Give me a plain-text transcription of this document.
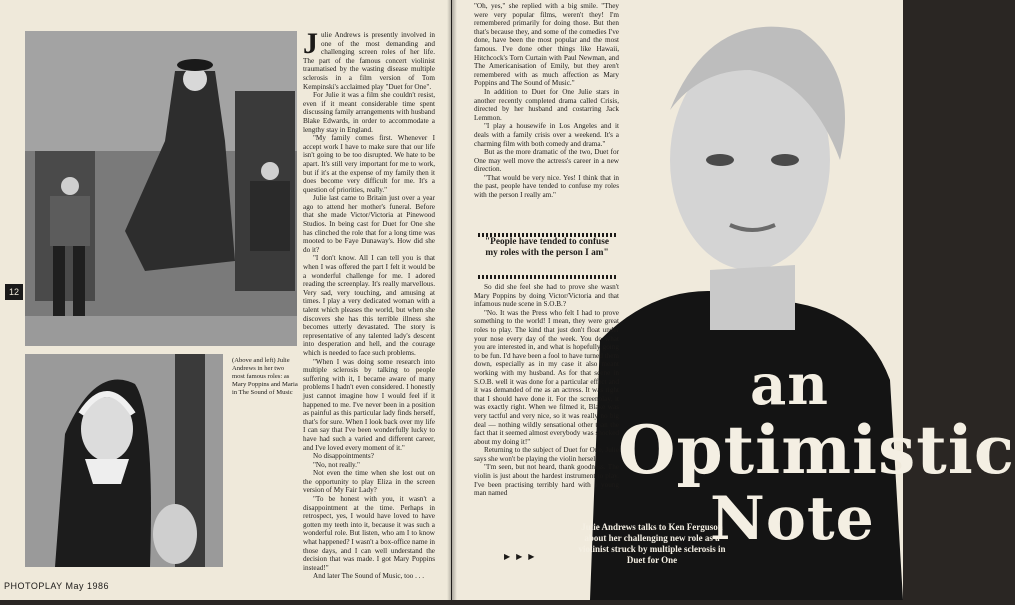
(Above and left) Julie Andrews in her two most famous roles: as Mary Poppins and Maria in The Sound of Music

Julie Andrews is presently involved in one of the most demanding and challenging screen roles of her life. The part of the famous concert violinist traumatised by the wasting disease multiple sclerosis in a film version of Tom Kempinski's acclaimed play "Duet for One".

For Julie it was a film she couldn't resist, even if it meant considerable time spent discussing family arrangements with husband Blake Edwards, in order to accommodate a lengthy stay in England.

"My family comes first. Whenever I accept work I have to make sure that our life isn't going to be too disrupted. We hate to be apart. It's still very important for me to work, but if it's at the expense of my family then it does become very difficult for me. It's a question of priorities, really."

Julie last came to Britain just over a year ago to attend her mother's funeral. Before that she made Victor/Victoria at Pinewood Studios. In being cast for Duet for One she has clinched the role that for a long time was mooted to be Faye Dunaway's. How did she do it?

"I don't know. All I can tell you is that when I was offered the part I felt it would be a wonderful challenge for me. I adored reading the screenplay. It's really marvellous. Very sad, very touching, and amusing at times. I play a very dedicated woman with a talent which pleases the world, but when she discovers she has this terrible illness she becomes utterly devastated. The story is representative of any talented lady's descent into desperation and hell, and the courage which is needed to face such problems.

"When I was doing some research into multiple sclerosis by talking to people suffering with it, I became aware of many problems I hadn't even considered. I honestly just cannot imagine how I would feel if it happened to me. I've never been in a position as painful as this particular lady finds herself, that's for sure. When I look back over my life I can say that I've been wonderfully lucky to have had such a varied and different career, and I've loved every moment of it."

No disappointments?

"No, not really."

Not even the time when she lost out on the opportunity to play Eliza in the screen version of My Fair Lady?

"To be honest with you, it wasn't a disappointment at the time. Perhaps in retrospect, yes, I would have loved to have gotten my teeth into it, because it was such a wonderful role. But listen, who am I to know what happened? I wasn't a box-office name in those days, and I can well understand the decision that was made. I got Mary Poppins instead!"

And later The Sound of Music, too . . .

12
PHOTOPLAY May 1986

"Oh, yes," she replied with a big smile. "They were very popular films, weren't they! I'm remembered primarily for doing those. But then that's because they, and some of the comedies I've done, have been the most popular and the most famous. I've done other things like Hawaii, Hitchcock's Torn Curtain with Paul Newman, and The Americanisation of Emily, but they aren't remembered with as much affection as Mary Poppins and The Sound of Music."

In addition to Duet for One Julie stars in another recently completed drama called Crisis, directed by her husband and costarring Jack Lemmon.

"I play a housewife in Los Angeles and it deals with a family crisis over a weekend. It's a charming film with both comedy and drama."

But as the more dramatic of the two, Duet for One may well move the actress's career in a new direction.

"That would be very nice. Yes! I think that in the past, people have tended to confuse my roles with the person I really am."

"People have tended to confuse my roles with the person I am"

So did she feel she had to prove she wasn't Mary Poppins by doing Victor/Victoria and that infamous nude scene in S.O.B.?

"No. It was the Press who felt I had to prove something to the world! I mean, they were great roles to play. The kind that just don't float under your nose every day of the week. You do what you are interested in, and what is hopefully going to be fun. I'd have been a fool to have turned them down, especially as in my case it also meant working with my husband. As for that scene in S.O.B. well it was done for a particular effect and it was demanded of me as an actress. It was right that I should have done it. For the screenplay, it was exactly right. When we filmed it, Blake was very tactful and very nice, so it was really no big deal — nothing wildly sensational other than the fact that it seemed almost everybody was shocked about my doing it!"

Returning to the subject of Duet for One, Julie says she won't be playing the violin herself.

"I'm seen, but not heard, thank goodness. The violin is just about the hardest instrument to play. I've been practising terribly hard with a young man named

▶ ▶ ▶
an
Optimistic
Note
Julie Andrews talks to Ken Ferguson about her challenging new role as a violinist struck by multiple sclerosis in Duet for One
